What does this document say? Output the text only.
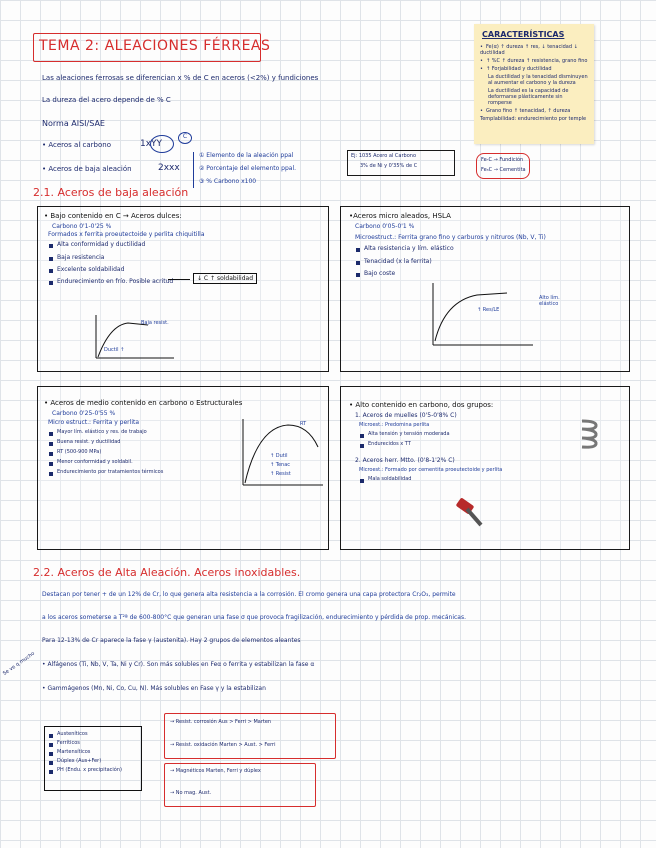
TEMA 2: ALEACIONES FÉRREAS
Las aleaciones ferrosas se diferencian x % de C en aceros (<2%) y fundiciones
La dureza del acero depende de % C
Norma AISI/SAE
• Aceros al carbono	1xYY
C
• Aceros de baja aleación	2xxx
① Elemento de la aleación ppal
② Porcentaje del elemento ppal.
③ % Carbono x100
Ej: 1035 Acero al Carbono
3% de Ni y 0'35% de C
Fe-C → Fundición
Fe₃C → Cementita
CARACTERÍSTICAS
• Fe(α) ↑ dureza ↑ res, ↓ tenacidad ↓ ductilidad
• ↑ %C ↑ dureza ↑ resistencia, grano fino
• ↑ Forjabilidad y ductilidad
La ductilidad y la tenacidad disminuyen al aumentar el carbono y la dureza
La ductilidad es la capacidad de deformarse plásticamente sin romperse
• Grano fino ↑ tenacidad, ↑ dureza
Templabilidad: endurecimiento por temple
2.1. Aceros de baja aleación
• Bajo contenido en C → Aceros dulces:
Carbono 0'1-0'25 %
Formados x ferrita proeutectoide y perlita chiquitilla
Alta conformidad y ductilidad
Baja resistencia
Excelente soldabilidad
Endurecimiento en frío. Posible acritud	↓ C ↑ soldabilidad
Baja resist.
Ductil ↑
•Aceros micro aleados, HSLA
Carbono 0'05-0'1 %
Microestruct.: Ferrita grano fino y carburos y nitruros (Nb, V, Ti)
Alta resistencia y lím. elástico
Tenacidad (x la ferrita)
Bajo coste
↑ Res/LE
Alto lím. elástico
• Aceros de medio contenido en carbono o Estructurales
Carbono 0'25-0'55 %
Micro estruct.: Ferrita y perlita
Mayor lím. elástico y res. de trabajo
Buena resist. y ductilidad
RT (500-900 MPa)
Menor conformidad y soldabil.
Endurecimiento por tratamientos térmicos
RT
↑ Dutil
↑ Tenac
↑ Resist
• Alto contenido en carbono, dos grupos:
1. Aceros de muelles (0'5-0'8% C)
Microest.: Predomina perlita
Alta tensión y tensión moderada
Endurecidos x TT
2. Aceros herr. Mtto. (0'8-1'2% C)
Microest.: Formado por cementita proeutectoide y perlita
Mala soldabilidad
2.2. Aceros de Alta Aleación. Aceros inoxidables.
Destacan por tener + de un 12% de Cr, lo que genera alta resistencia a la corrosión. El cromo genera una capa protectora Cr₂O₃, permite
a los aceros someterse a T²ª de 600-800°C que generan una fase σ que provoca fragilización, endurecimiento y pérdida de prop. mecánicas.
Para 12-13% de Cr aparece la fase γ (austenita). Hay 2 grupos de elementos aleantes
Se ve q mucho • Alfágenos (Ti, Nb, V, Ta, Ni y Cr). Son más solubles en Feα o ferrita y estabilizan la fase α
• Gammágenos (Mn, Ni, Co, Cu, N). Más solubles en Fase γ y la estabilizan
Austeníticos
Ferríticos
Martensíticos
Dúplex (Aus+Fer)
PH (Endu. x precipitación)
→ Resist. corrosión Aus > Ferri > Marten
→ Resist. oxidación Marten > Aust. > Ferri
→ Magnéticos Marten, Ferri y dúplex
→ No mag. Aust.
